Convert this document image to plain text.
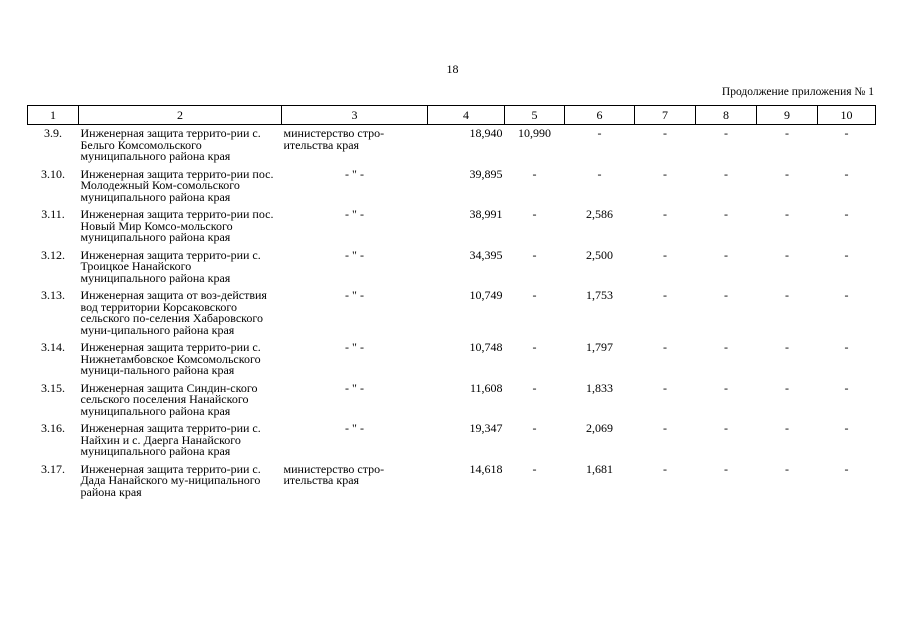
18
Продолжение приложения № 1
1	2	3	4	5	6	7	8	9	10
3.9.	Инженерная защита террито-рии с. Бельго Комсомольского муниципального района края	министерство стро-ительства края	18,940	10,990	-	-	-	-	-
3.10.	Инженерная защита террито-рии пос. Молодежный Ком-сомольского муниципального района края	- " -	39,895	-	-	-	-	-	-
3.11.	Инженерная защита террито-рии пос. Новый Мир Комсо-мольского муниципального района края	- " -	38,991	-	2,586	-	-	-	-
3.12.	Инженерная защита террито-рии с. Троицкое Нанайского муниципального района края	- " -	34,395	-	2,500	-	-	-	-
3.13.	Инженерная защита от воз-действия вод территории Корсаковского сельского по-селения Хабаровского муни-ципального района края	- " -	10,749	-	1,753	-	-	-	-
3.14.	Инженерная защита террито-рии с. Нижнетамбовское Комсомольского муници-пального района края	- " -	10,748	-	1,797	-	-	-	-
3.15.	Инженерная защита Синдин-ского сельского поселения Нанайского муниципального района края	- " -	11,608	-	1,833	-	-	-	-
3.16.	Инженерная защита террито-рии с. Найхин и с. Даерга Нанайского муниципального района края	- " -	19,347	-	2,069	-	-	-	-
3.17.	Инженерная защита террито-рии с. Дада Нанайского му-ниципального района края	министерство стро-ительства края	14,618	-	1,681	-	-	-	-
